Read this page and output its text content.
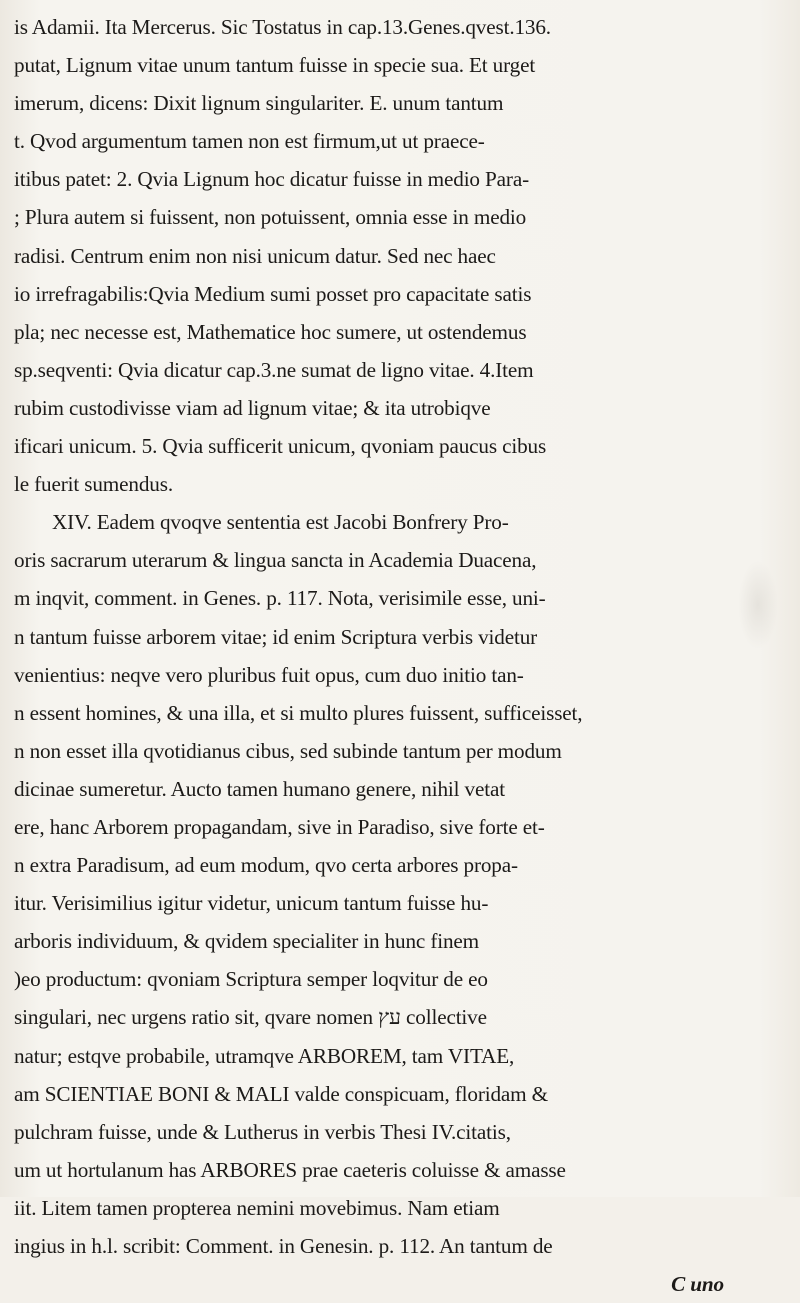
is Adamii. Ita Mercerus. Sic Tostatus in cap.13.Genes.qvest.136.
putat, Lignum vitae unum tantum fuisse in specie sua. Et urget
imerum, dicens: Dixit lignum singulariter. E. unum tantum
t. Qvod argumentum tamen non est firmum,ut ut praece-
itibus patet: 2. Qvia Lignum hoc dicatur fuisse in medio Para-
; Plura autem si fuissent, non potuissent, omnia esse in medio
radisi. Centrum enim non nisi unicum datur. Sed nec haec
io irrefragabilis:Qvia Medium sumi posset pro capacitate satis
pla; nec necesse est, Mathematice hoc sumere, ut ostendemus
sp.seqventi: Qvia dicatur cap.3.ne sumat de ligno vitae. 4.Item
rubim custodivisse viam ad lignum vitae; & ita utrobiqve
ificari unicum. 5. Qvia sufficerit unicum, qvoniam paucus cibus
le fuerit sumendus.
XIV. Eadem qvoqve sententia est Jacobi Bonfrery Pro-
oris sacrarum uterarum & lingua sancta in Academia Duacena,
m inqvit, comment. in Genes. p. 117. Nota, verisimile esse, uni-
n tantum fuisse arborem vitae; id enim Scriptura verbis videtur
venientius: neqve vero pluribus fuit opus, cum duo initio tan-
n essent homines, & una illa, et si multo plures fuissent, sufficeisset,
n non esset illa qvotidianus cibus, sed subinde tantum per modum
dicinae sumeretur. Aucto tamen humano genere, nihil vetat
ere, hanc Arborem propagandam, sive in Paradiso, sive forte et-
n extra Paradisum, ad eum modum, qvo certa arbores propa-
itur. Verisimilius igitur videtur, unicum tantum fuisse hu-
arboris individuum, & qvidem specialiter in hunc finem
)eo productum: qvoniam Scriptura semper loqvitur de eo
singulari, nec urgens ratio sit, qvare nomen עץ collective
natur; estqve probabile, utramqve ARBOREM, tam VITAE,
am SCIENTIAE BONI & MALI valde conspicuam, floridam &
pulchram fuisse, unde & Lutherus in verbis Thesi IV.citatis,
um ut hortulanum has ARBORES prae caeteris coluisse & amasse
iit. Litem tamen propterea nemini movebimus. Nam etiam
ingius in h.l. scribit: Comment. in Genesin. p. 112. An tantum de
C uno
